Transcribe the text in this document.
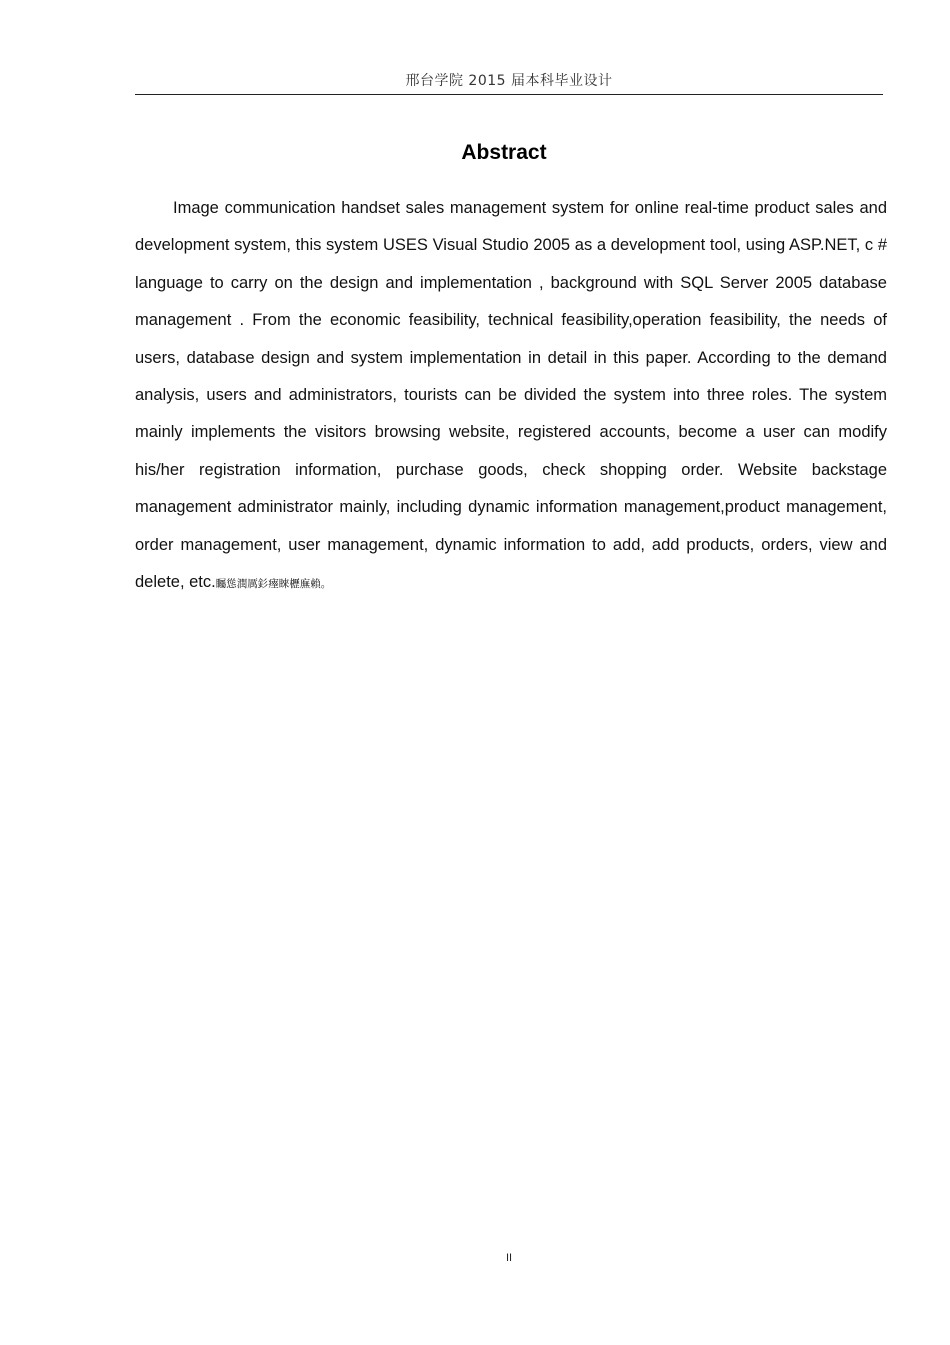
邢台学院 2015 届本科毕业设计
Abstract

Image communication handset sales management system for online real-time product sales and development system, this system USES Visual Studio 2005 as a development tool, using ASP.NET, c # language to carry on the design and implementation , background with SQL Server 2005 database management . From the economic feasibility, technical feasibility,operation feasibility, the needs of users, database design and system implementation in detail in this paper. According to the demand analysis, users and administrators, tourists can be divided the system into three roles. The system mainly implements the visitors browsing website, registered accounts, become a user can modify his/her registration information, purchase goods, check shopping order. Website backstage management administrator mainly, including dynamic information management,product management, order management, user management, dynamic information to add, add products, orders, view and delete, etc.矚慫潤厲釤瘞睞櫪廡賴。

II
